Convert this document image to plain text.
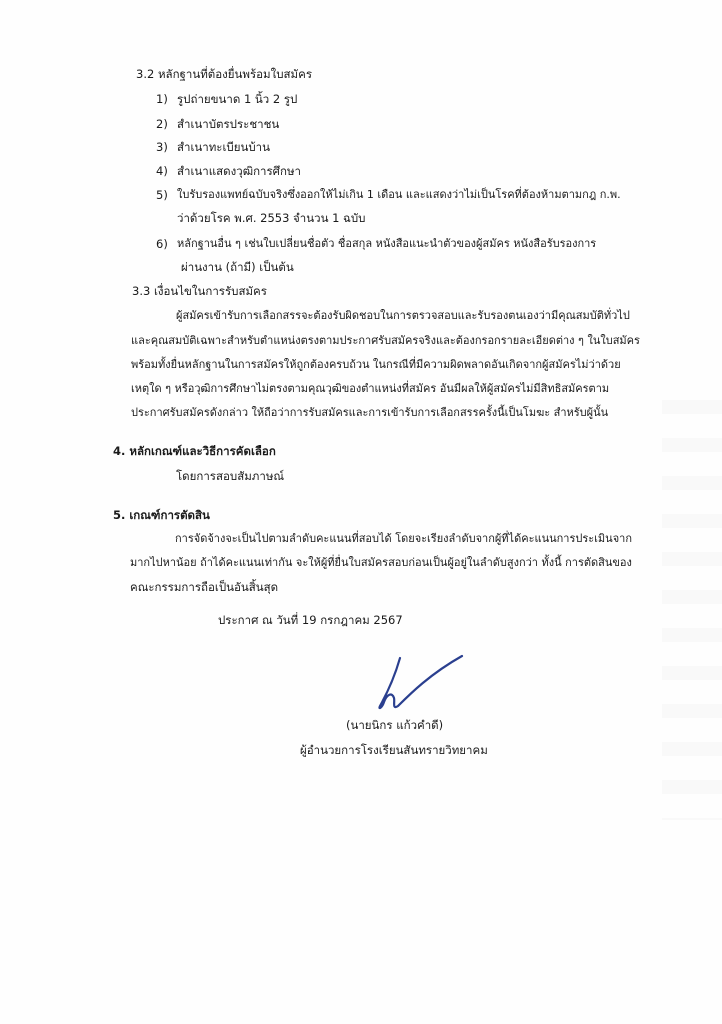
3.2 หลักฐานที่ต้องยื่นพร้อมใบสมัคร
1) รูปถ่ายขนาด 1 นิ้ว 2 รูป
2) สำเนาบัตรประชาชน
3) สำเนาทะเบียนบ้าน
4) สำเนาแสดงวุฒิการศึกษา
5) ใบรับรองแพทย์ฉบับจริงซึ่งออกให้ไม่เกิน 1 เดือน และแสดงว่าไม่เป็นโรคที่ต้องห้ามตามกฎ ก.พ.
ว่าด้วยโรค พ.ศ. 2553 จำนวน 1 ฉบับ
6) หลักฐานอื่น ๆ เช่นใบเปลี่ยนชื่อตัว ชื่อสกุล หนังสือแนะนำตัวของผู้สมัคร หนังสือรับรองการ
ผ่านงาน (ถ้ามี) เป็นต้น
3.3 เงื่อนไขในการรับสมัคร
ผู้สมัครเข้ารับการเลือกสรรจะต้องรับผิดชอบในการตรวจสอบและรับรองตนเองว่ามีคุณสมบัติทั่วไป
และคุณสมบัติเฉพาะสำหรับตำแหน่งตรงตามประกาศรับสมัครจริงและต้องกรอกรายละเอียดต่าง ๆ ในใบสมัคร
พร้อมทั้งยื่นหลักฐานในการสมัครให้ถูกต้องครบถ้วน ในกรณีที่มีความผิดพลาดอันเกิดจากผู้สมัครไม่ว่าด้วย
เหตุใด ๆ หรือวุฒิการศึกษาไม่ตรงตามคุณวุฒิของตำแหน่งที่สมัคร อันมีผลให้ผู้สมัครไม่มีสิทธิสมัครตาม
ประกาศรับสมัครดังกล่าว ให้ถือว่าการรับสมัครและการเข้ารับการเลือกสรรครั้งนี้เป็นโมฆะ สำหรับผู้นั้น
4. หลักเกณฑ์และวิธีการคัดเลือก
โดยการสอบสัมภาษณ์
5. เกณฑ์การตัดสิน
การจัดจ้างจะเป็นไปตามลำดับคะแนนที่สอบได้ โดยจะเรียงลำดับจากผู้ที่ได้คะแนนการประเมินจาก
มากไปหาน้อย ถ้าได้คะแนนเท่ากัน จะให้ผู้ที่ยื่นใบสมัครสอบก่อนเป็นผู้อยู่ในลำดับสูงกว่า ทั้งนี้ การตัดสินของ
คณะกรรมการถือเป็นอันสิ้นสุด
ประกาศ ณ วันที่ 19 กรกฎาคม 2567
(นายนิกร แก้วคำดี)
ผู้อำนวยการโรงเรียนสันทรายวิทยาคม
